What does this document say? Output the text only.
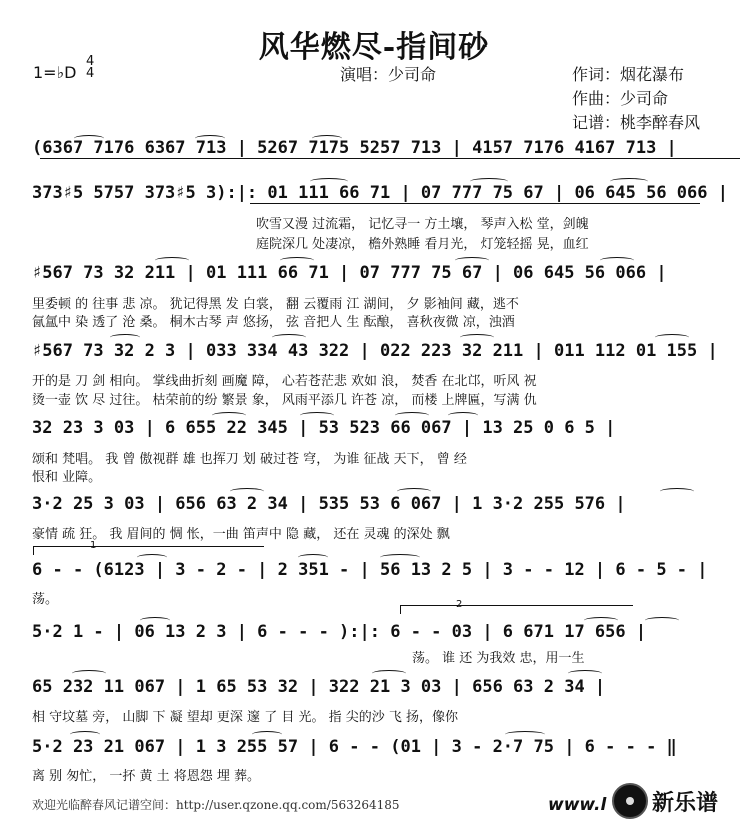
风华燃尽-指间砂
1=♭D
4
4	演唱：少司命	作词：烟花瀑布
作曲：少司命
记谱：桃李醉春风
(6367 7176 6367 713 | 5267 7175 5257 713 | 4157 7176 4167 713 |
373♯5 5757 373♯5 3):|: 01 111 66 71 | 07 777 75 67 | 06 645 56 066 |
吹雪又漫 过流霜， 记忆寻一 方土壤， 琴声入松 堂，剑魄
庭院深几 处凄凉， 檐外熟睡 看月光， 灯笼轻摇 晃，血红
♯567 73 32 211 | 01 111 66 71 | 07 777 75 67 | 06 645 56 066 |
里委顿 的 往事 悲 凉。 犹记得黑 发 白裳， 翻 云覆雨 江 湖间， 夕 影袖间 藏，逃不
氤氲中 染 透了 沧 桑。 桐木古琴 声 悠扬， 弦 音把人 生 酝酿， 喜秋夜微 凉，浊酒
♯567 73 32 2 3 | 033 334 43 322 | 022 223 32 211 | 011 112 01 155 |
开的是 刀 剑 相向。 掌线曲折刻 画魔 障， 心若苍茫悲 欢如 浪， 焚香 在北邙，听风 祝
烫一壶 饮 尽 过往。 枯荣前的纷 繁景 象， 风雨平添几 许苍 凉， 而楼 上牌匾，写满 仇
32 23 3 03 | 6 655 22 345 | 53 523 66 067 | 13 25 0 6 5 |
颂和 梵唱。 我 曾 傲视群 雄 也挥刀 划 破过苍 穹， 为谁 征战 天下， 曾 经
恨和 业障。
3·2 25 3 03 | 656 63 2 34 | 535 53 6 067 | 1 3·2 255 576 |
豪情 疏 狂。 我 眉间的 惆 怅，一曲 笛声中 隐 藏， 还在 灵魂 的深处 飘
1
6 - - (6123 | 3 - 2 - | 2 351 - | 56 13 2 5 | 3 - - 12 | 6 - 5 - |
荡。	2
5·2 1 - | 06 13 2 3 | 6 - - - ):|: 6 - - 03 | 6 671 17 656 |
荡。 谁 还 为我效 忠，用一生
65 232 11 067 | 1 65 53 32 | 322 21 3 03 | 656 63 2 34 |
相 守坟墓 旁， 山脚 下 凝 望却 更深 邃 了 目 光。 指 尖的沙 飞 扬，像你
5·2 23 21 067 | 1 3 255 57 | 6 - - (01 | 3 - 2·7 75 | 6 - - - ‖
离 别 匆忙， 一抔 黄 土 将恩怨 埋 葬。
欢迎光临醉春风记谱空间：http://user.qzone.qq.com/563264185	www.l 新乐谱
